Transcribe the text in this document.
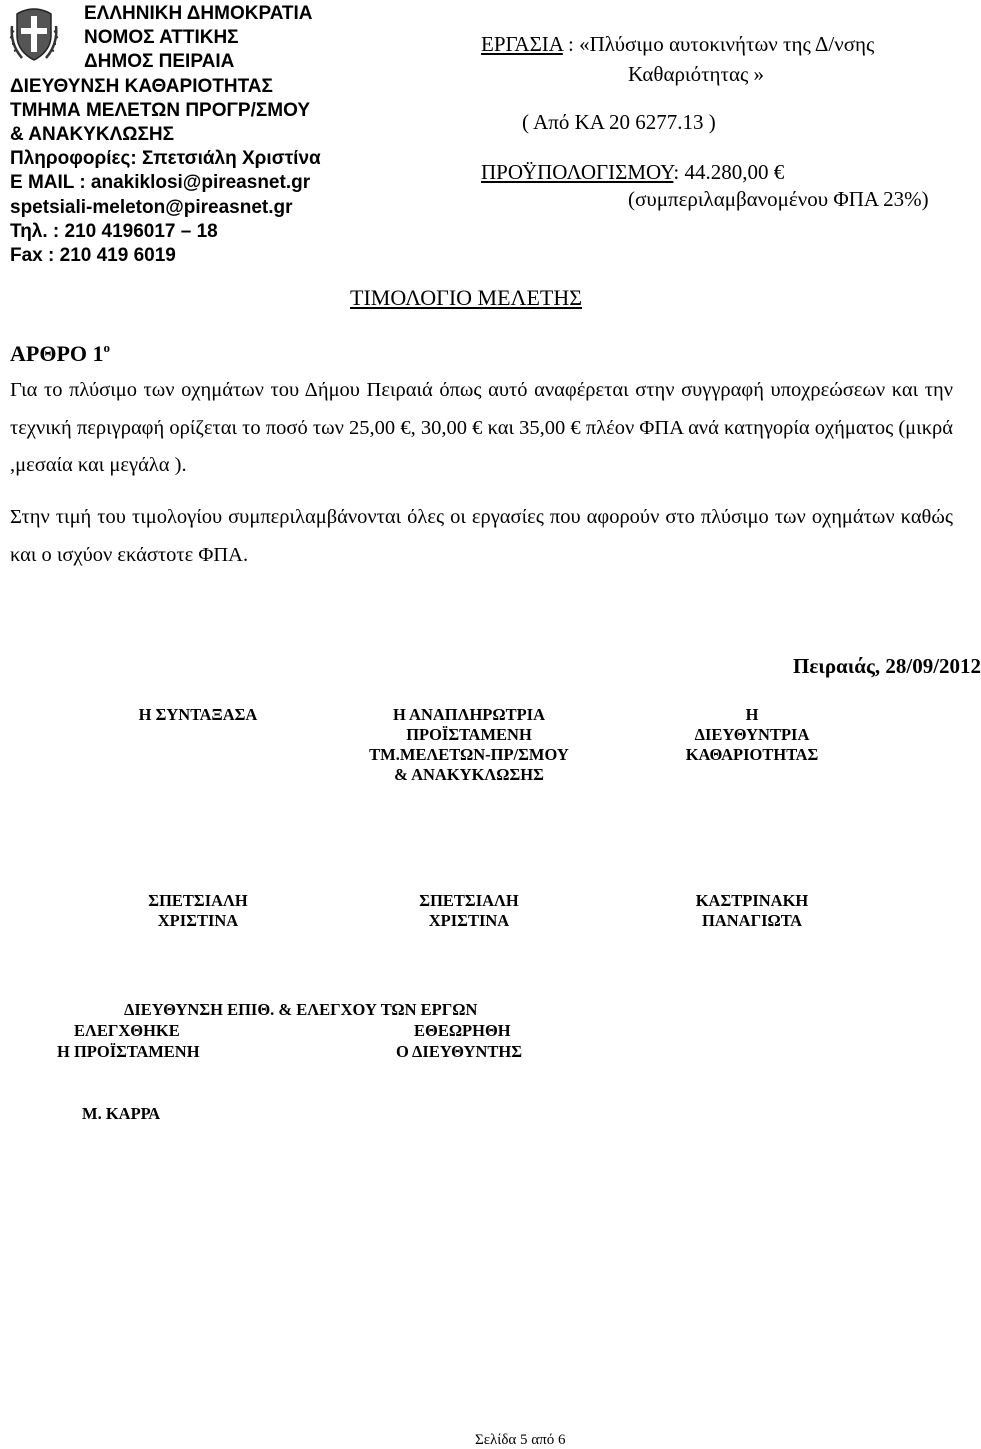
ΕΛΛΗΝΙΚΗ ΔΗΜΟΚΡΑΤΙΑ
ΝΟΜΟΣ ΑΤΤΙΚΗΣ
ΔΗΜΟΣ ΠΕΙΡΑΙΑ
ΔΙΕΥΘΥΝΣΗ ΚΑΘΑΡΙΟΤΗΤΑΣ
ΤΜΗΜΑ ΜΕΛΕΤΩΝ ΠΡΟΓΡ/ΣΜΟΥ
& ΑΝΑΚΥΚΛΩΣΗΣ
Πληροφορίες: Σπετσιάλη Χριστίνα
E MAIL : anakiklosi@pireasnet.gr
spetsiali-meleton@pireasnet.gr
Τηλ. : 210 4196017 – 18
Fax : 210 419 6019
ΕΡΓΑΣΙΑ : «Πλύσιμο αυτοκινήτων της Δ/νσης
Καθαριότητας »
( Από ΚΑ 20 6277.13 )
ΠΡΟΫΠΟΛΟΓΙΣΜΟΥ: 44.280,00 €
(συμπεριλαμβανομένου ΦΠΑ 23%)
ΤΙΜΟΛΟΓΙΟ ΜΕΛΕΤΗΣ
ΑΡΘΡΟ $1^o$

Για το πλύσιμο των οχημάτων του Δήμου Πειραιά όπως αυτό αναφέρεται στην συγγραφή υποχρεώσεων και την τεχνική περιγραφή ορίζεται το ποσό των 25,00 €, 30,00 € και 35,00 € πλέον ΦΠΑ ανά κατηγορία οχήματος (μικρά ,μεσαία και μεγάλα ).

Στην τιμή του τιμολογίου συμπεριλαμβάνονται όλες οι εργασίες που αφορούν στο πλύσιμο των οχημάτων καθώς και ο ισχύον εκάστοτε ΦΠΑ.

Πειραιάς, 28/09/2012
Η ΣΥΝΤΑΞΑΣΑ	Η ΑΝΑΠΛΗΡΩΤΡΙΑ
ΠΡΟΪΣΤΑΜΕΝΗ
ΤΜ.ΜΕΛΕΤΩΝ-ΠΡ/ΣΜΟΥ
& ΑΝΑΚΥΚΛΩΣΗΣ
Η
ΔΙΕΥΘΥΝΤΡΙΑ
ΚΑΘΑΡΙΟΤΗΤΑΣ
ΣΠΕΤΣΙΑΛΗ
ΧΡΙΣΤΙΝΑ
ΣΠΕΤΣΙΑΛΗ
ΧΡΙΣΤΙΝΑ
ΚΑΣΤΡΙΝΑΚΗ
ΠΑΝΑΓΙΩΤΑ
ΔΙΕΥΘΥΝΣΗ ΕΠΙΘ. & ΕΛΕΓΧΟΥ ΤΩΝ ΕΡΓΩΝ
ΕΛΕΓΧΘΗΚΕ	ΕΘΕΩΡΗΘΗ
Η ΠΡΟΪΣΤΑΜΕΝΗ	Ο ΔΙΕΥΘΥΝΤΗΣ
Μ. ΚΑΡΡΑ
Σελίδα 5 από 6
